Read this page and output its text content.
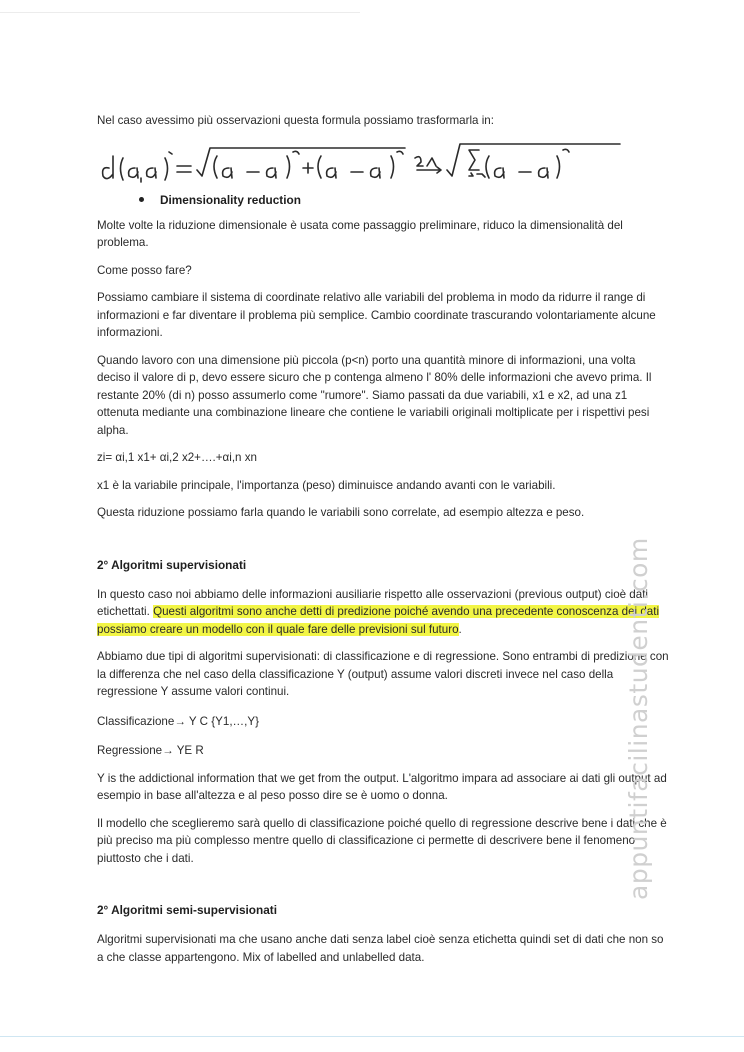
Nel caso avessimo più osservazioni questa formula possiamo trasformarla in:

Dimensionality reduction

Molte volte la riduzione dimensionale è usata come passaggio preliminare, riduco la dimensionalità del problema.

Come posso fare?

Possiamo cambiare il sistema di coordinate relativo alle variabili del problema in modo da ridurre il range di informazioni e far diventare il problema più semplice. Cambio coordinate trascurando volontariamente alcune informazioni.

Quando lavoro con una dimensione più piccola (p<n) porto una quantità minore di informazioni, una volta deciso il valore di p, devo essere sicuro che p contenga almeno l' 80% delle informazioni che avevo prima. Il restante 20% (di n) posso assumerlo come "rumore". Siamo passati da due variabili, x1 e x2, ad una z1 ottenuta mediante una combinazione lineare che contiene le variabili originali moltiplicate per i rispettivi pesi alpha.

zi= αi,1 x1+ αi,2 x2+….+αi,n xn

x1 è la variabile principale, l'importanza (peso) diminuisce andando avanti con le variabili.

Questa riduzione possiamo farla quando le variabili sono correlate, ad esempio altezza e peso.

2° Algoritmi supervisionati

In questo caso noi abbiamo delle informazioni ausiliarie rispetto alle osservazioni (previous output) cioè dati etichettati. Questi algoritmi sono anche detti di predizione poiché avendo una precedente conoscenza dei dati possiamo creare un modello con il quale fare delle previsioni sul futuro.

Abbiamo due tipi di algoritmi supervisionati: di classificazione e di regressione. Sono entrambi di predizione con la differenza che nel caso della classificazione Y (output) assume valori discreti invece nel caso della regressione Y assume valori continui.

Classificazione→ Y C {Y1,…,Y}

Regressione→ YE R

Y is the addictional information that we get from the output. L'algoritmo impara ad associare ai dati gli output ad esempio in base all'altezza e al peso posso dire se è uomo o donna.

Il modello che sceglieremo sarà quello di classificazione poiché quello di regressione descrive bene i dati che è più preciso ma più complesso mentre quello di classificazione ci permette di descrivere bene il fenomeno piuttosto che i dati.

2° Algoritmi semi-supervisionati

Algoritmi supervisionati ma che usano anche dati senza label cioè senza etichetta quindi set di dati che non so a che classe appartengono. Mix of labelled and unlabelled data.

appuntifacilinastudenti.com
